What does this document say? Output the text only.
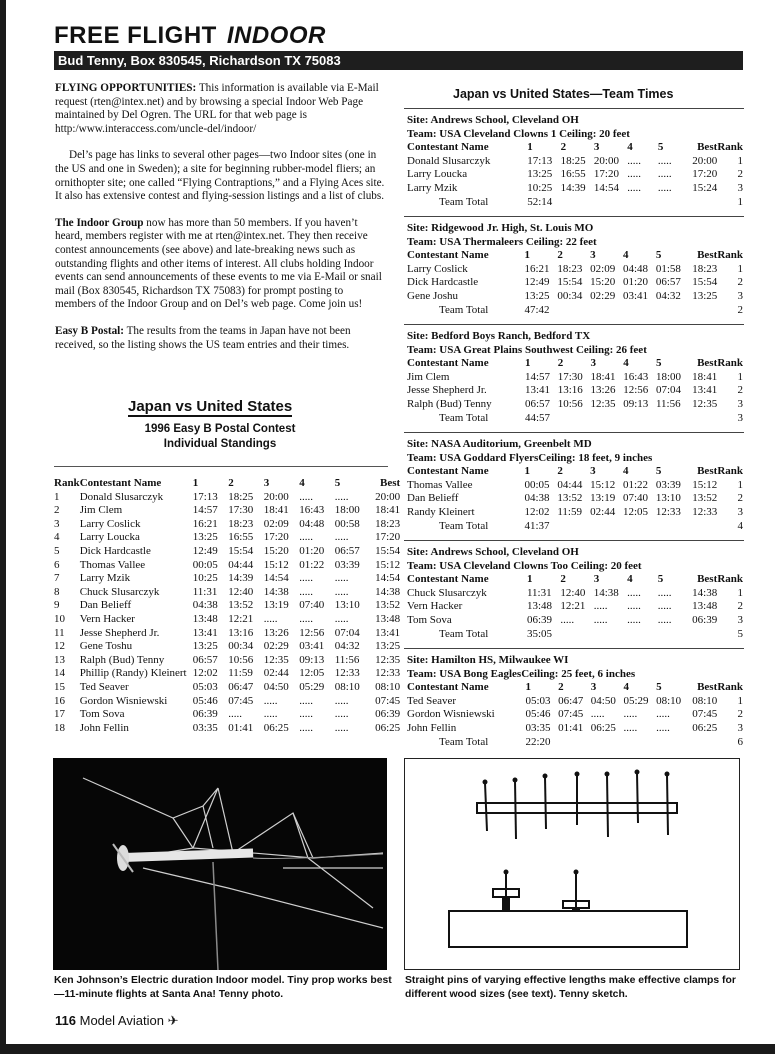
FREE FLIGHT INDOOR
Bud Tenny, Box 830545, Richardson TX 75083

FLYING OPPORTUNITIES: This information is available via E-Mail request (rten@intex.net) and by browsing a special Indoor Web Page maintained by Del Ogren. The URL for that web page is http:/www.interaccess.com/uncle-del/indoor/

Del’s page has links to several other pages—two Indoor sites (one in the US and one in Sweden); a site for beginning rubber-model fliers; an ornithopter site; one called “Flying Contraptions,” and a Flying Aces site. It also has extensive contest and flying-session listings and a list of clubs.

The Indoor Group now has more than 50 members. If you haven’t heard, members register with me at rten@intex.net. They then receive contest announcements (see above) and late-breaking news such as outstanding flights and other items of interest. All clubs holding Indoor events can send announcements of these events to me via E-Mail or snail mail (Box 830545, Richardson TX 75083) for prompt posting to members of the Indoor Group and on Del’s web page. Come join us!

Easy B Postal: The results from the teams in Japan have not been received, so the listing shows the US team entries and their times.

Japan vs United States
1996 Easy B Postal Contest
Individual Standings
Rank	Contestant Name	1	2	3	4	5	Best
1	Donald Slusarczyk	17:13	18:25	20:00	.....	.....	20:00
2	Jim Clem	14:57	17:30	18:41	16:43	18:00	18:41
3	Larry Coslick	16:21	18:23	02:09	04:48	00:58	18:23
4	Larry Loucka	13:25	16:55	17:20	.....	.....	17:20
5	Dick Hardcastle	12:49	15:54	15:20	01:20	06:57	15:54
6	Thomas Vallee	00:05	04:44	15:12	01:22	03:39	15:12
7	Larry Mzik	10:25	14:39	14:54	.....	.....	14:54
8	Chuck Slusarczyk	11:31	12:40	14:38	.....	.....	14:38
9	Dan Belieff	04:38	13:52	13:19	07:40	13:10	13:52
10	Vern Hacker	13:48	12:21	.....	.....	.....	13:48
11	Jesse Shepherd Jr.	13:41	13:16	13:26	12:56	07:04	13:41
12	Gene Toshu	13:25	00:34	02:29	03:41	04:32	13:25
13	Ralph (Bud) Tenny	06:57	10:56	12:35	09:13	11:56	12:35
14	Phillip (Randy) Kleinert	12:02	11:59	02:44	12:05	12:33	12:33
15	Ted Seaver	05:03	06:47	04:50	05:29	08:10	08:10
16	Gordon Wisniewski	05:46	07:45	.....	.....	.....	07:45
17	Tom Sova	06:39	.....	.....	.....	.....	06:39
18	John Fellin	03:35	01:41	06:25	.....	.....	06:25
Japan vs United States—Team Times
Site: Andrews School, Cleveland OH
Team: USA Cleveland Clowns 1 Ceiling: 20 feet
Contestant Name	1	2	3	4	5	Best	Rank
Donald Slusarczyk	17:13	18:25	20:00	.....	.....	20:00	1
Larry Loucka	13:25	16:55	17:20	.....	.....	17:20	2
Larry Mzik	10:25	14:39	14:54	.....	.....	15:24	3
Team Total	52:14						1
Site: Ridgewood Jr. High, St. Louis MO
Team: USA Thermaleers Ceiling: 22 feet
Contestant Name	1	2	3	4	5	Best	Rank
Larry Coslick	16:21	18:23	02:09	04:48	01:58	18:23	1
Dick Hardcastle	12:49	15:54	15:20	01:20	06:57	15:54	2
Gene Joshu	13:25	00:34	02:29	03:41	04:32	13:25	3
Team Total	47:42						2
Site: Bedford Boys Ranch, Bedford TX
Team: USA Great Plains Southwest Ceiling: 26 feet
Contestant Name	1	2	3	4	5	Best	Rank
Jim Clem	14:57	17:30	18:41	16:43	18:00	18:41	1
Jesse Shepherd Jr.	13:41	13:16	13:26	12:56	07:04	13:41	2
Ralph (Bud) Tenny	06:57	10:56	12:35	09:13	11:56	12:35	3
Team Total	44:57						3
Site: NASA Auditorium, Greenbelt MD
Team: USA Goddard FlyersCeiling: 18 feet, 9 inches
Contestant Name	1	2	3	4	5	Best	Rank
Thomas Vallee	00:05	04:44	15:12	01:22	03:39	15:12	1
Dan Belieff	04:38	13:52	13:19	07:40	13:10	13:52	2
Randy Kleinert	12:02	11:59	02:44	12:05	12:33	12:33	3
Team Total	41:37						4
Site: Andrews School, Cleveland OH
Team: USA Cleveland Clowns Too Ceiling: 20 feet
Contestant Name	1	2	3	4	5	Best	Rank
Chuck Slusarczyk	11:31	12:40	14:38	.....	.....	14:38	1
Vern Hacker	13:48	12:21	.....	.....	.....	13:48	2
Tom Sova	06:39	.....	.....	.....	.....	06:39	3
Team Total	35:05						5
Site: Hamilton HS, Milwaukee WI
Team: USA Bong EaglesCeiling: 25 feet, 6 inches
Contestant Name	1	2	3	4	5	Best	Rank
Ted Seaver	05:03	06:47	04:50	05:29	08:10	08:10	1
Gordon Wisniewski	05:46	07:45	.....	.....	.....	07:45	2
John Fellin	03:35	01:41	06:25	.....	.....	06:25	3
Team Total	22:20						6
Ken Johnson’s Electric duration Indoor model. Tiny prop works best—11-minute flights at Santa Ana! Tenny photo.
Straight pins of varying effective lengths make effective clamps for different wood sizes (see text). Tenny sketch.
116 Model Aviation ✈
